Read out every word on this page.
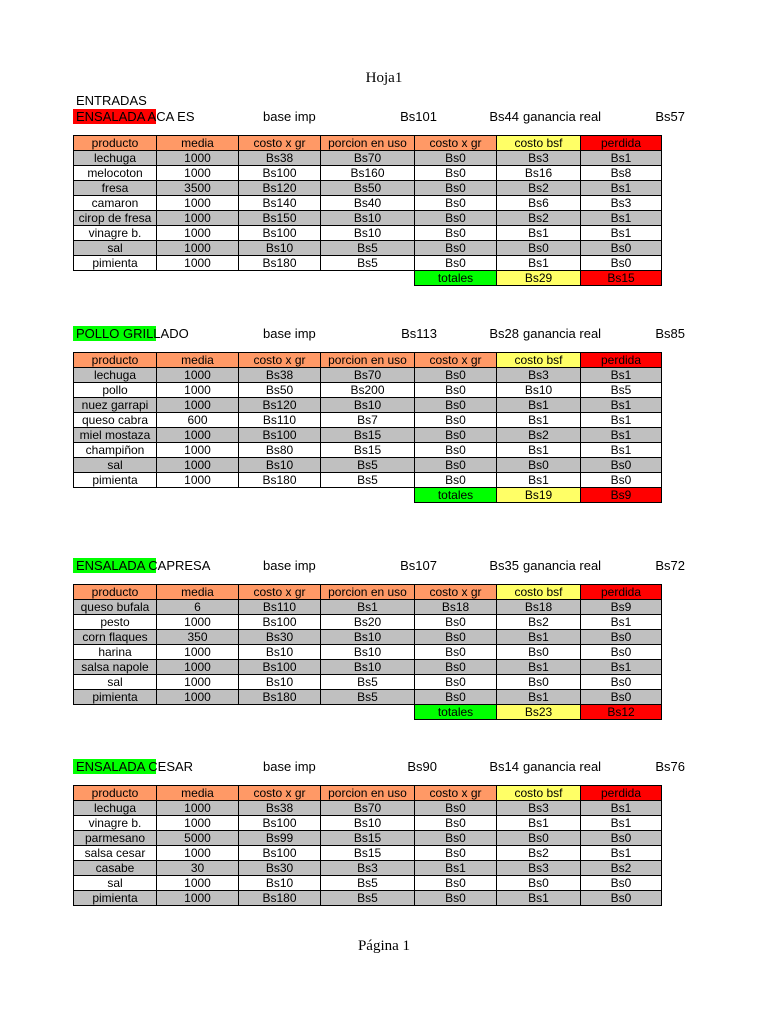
Hoja1
ENTRADAS
ENSALADA ACA ES	base imp	Bs101	Bs44 ganancia real	Bs57
producto	media	costo x gr	porcion en uso	costo x gr	costo bsf	perdida
lechuga	1000	Bs38	Bs70	Bs0	Bs3	Bs1
melocoton	1000	Bs100	Bs160	Bs0	Bs16	Bs8
fresa	3500	Bs120	Bs50	Bs0	Bs2	Bs1
camaron	1000	Bs140	Bs40	Bs0	Bs6	Bs3
cirop de fresa	1000	Bs150	Bs10	Bs0	Bs2	Bs1
vinagre b.	1000	Bs100	Bs10	Bs0	Bs1	Bs1
sal	1000	Bs10	Bs5	Bs0	Bs0	Bs0
pimienta	1000	Bs180	Bs5	Bs0	Bs1	Bs0
				totales	Bs29	Bs15
POLLO GRILLADO	base imp	Bs113	Bs28 ganancia real	Bs85
producto	media	costo x gr	porcion en uso	costo x gr	costo bsf	perdida
lechuga	1000	Bs38	Bs70	Bs0	Bs3	Bs1
pollo	1000	Bs50	Bs200	Bs0	Bs10	Bs5
nuez garrapi	1000	Bs120	Bs10	Bs0	Bs1	Bs1
queso cabra	600	Bs110	Bs7	Bs0	Bs1	Bs1
miel mostaza	1000	Bs100	Bs15	Bs0	Bs2	Bs1
champiñon	1000	Bs80	Bs15	Bs0	Bs1	Bs1
sal	1000	Bs10	Bs5	Bs0	Bs0	Bs0
pimienta	1000	Bs180	Bs5	Bs0	Bs1	Bs0
				totales	Bs19	Bs9
ENSALADA CAPRESA	base imp	Bs107	Bs35 ganancia real	Bs72
producto	media	costo x gr	porcion en uso	costo x gr	costo bsf	perdida
queso bufala	6	Bs110	Bs1	Bs18	Bs18	Bs9
pesto	1000	Bs100	Bs20	Bs0	Bs2	Bs1
corn flaques	350	Bs30	Bs10	Bs0	Bs1	Bs0
harina	1000	Bs10	Bs10	Bs0	Bs0	Bs0
salsa napole	1000	Bs100	Bs10	Bs0	Bs1	Bs1
sal	1000	Bs10	Bs5	Bs0	Bs0	Bs0
pimienta	1000	Bs180	Bs5	Bs0	Bs1	Bs0
				totales	Bs23	Bs12
ENSALADA CESAR	base imp	Bs90	Bs14 ganancia real	Bs76
producto	media	costo x gr	porcion en uso	costo x gr	costo bsf	perdida
lechuga	1000	Bs38	Bs70	Bs0	Bs3	Bs1
vinagre b.	1000	Bs100	Bs10	Bs0	Bs1	Bs1
parmesano	5000	Bs99	Bs15	Bs0	Bs0	Bs0
salsa cesar	1000	Bs100	Bs15	Bs0	Bs2	Bs1
casabe	30	Bs30	Bs3	Bs1	Bs3	Bs2
sal	1000	Bs10	Bs5	Bs0	Bs0	Bs0
pimienta	1000	Bs180	Bs5	Bs0	Bs1	Bs0
Página 1
